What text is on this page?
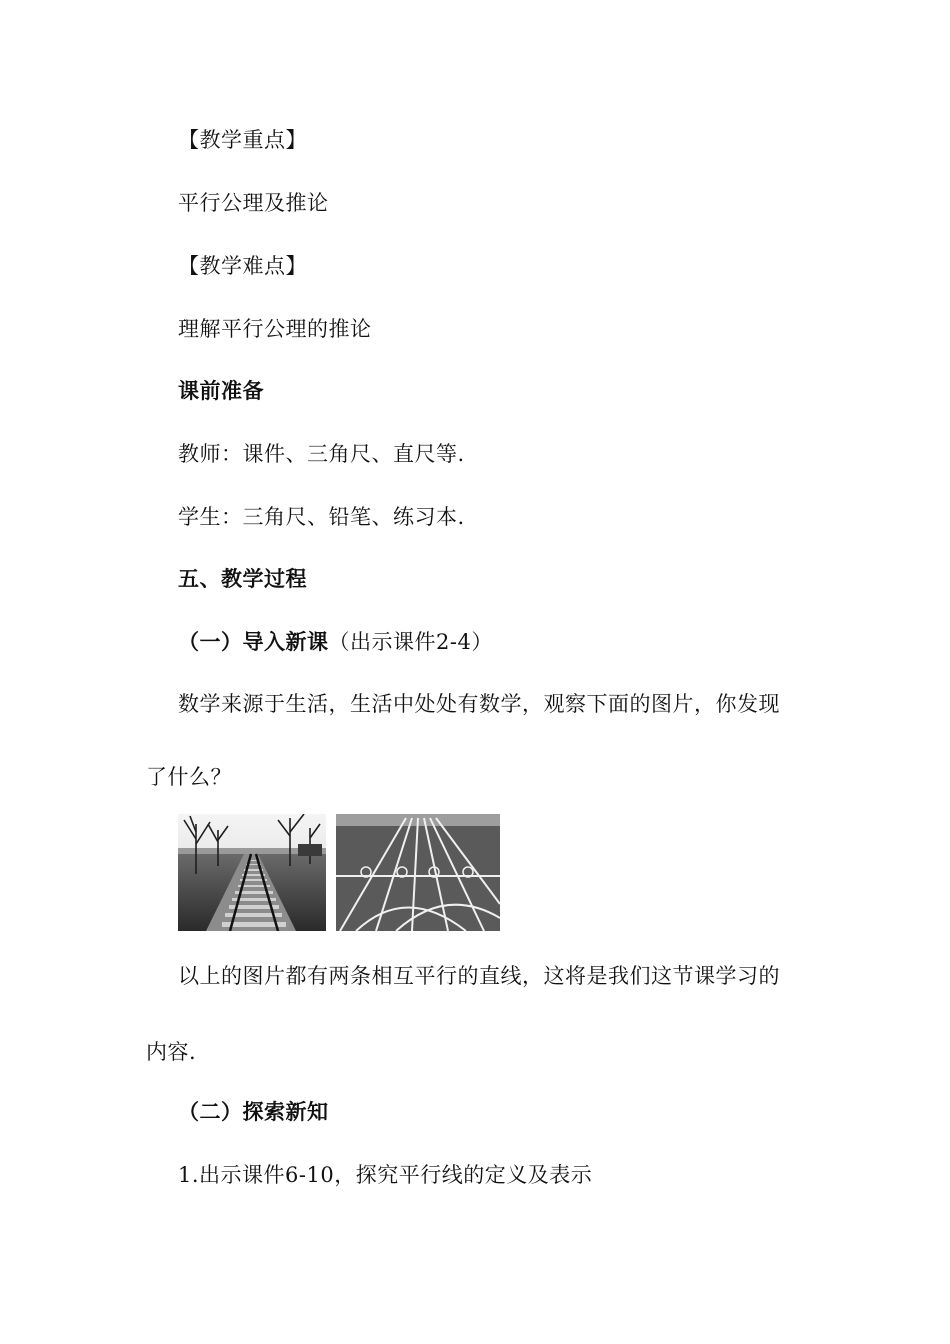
【教学重点】
平行公理及推论
【教学难点】
理解平行公理的推论
课前准备
教师：课件、三角尺、直尺等.
学生：三角尺、铅笔、练习本.
五、教学过程
（一）导入新课（出示课件2-4）
数学来源于生活，生活中处处有数学，观察下面的图片，你发现
了什么？
以上的图片都有两条相互平行的直线，这将是我们这节课学习的
内容.
（二）探索新知
1.出示课件6-10，探究平行线的定义及表示
